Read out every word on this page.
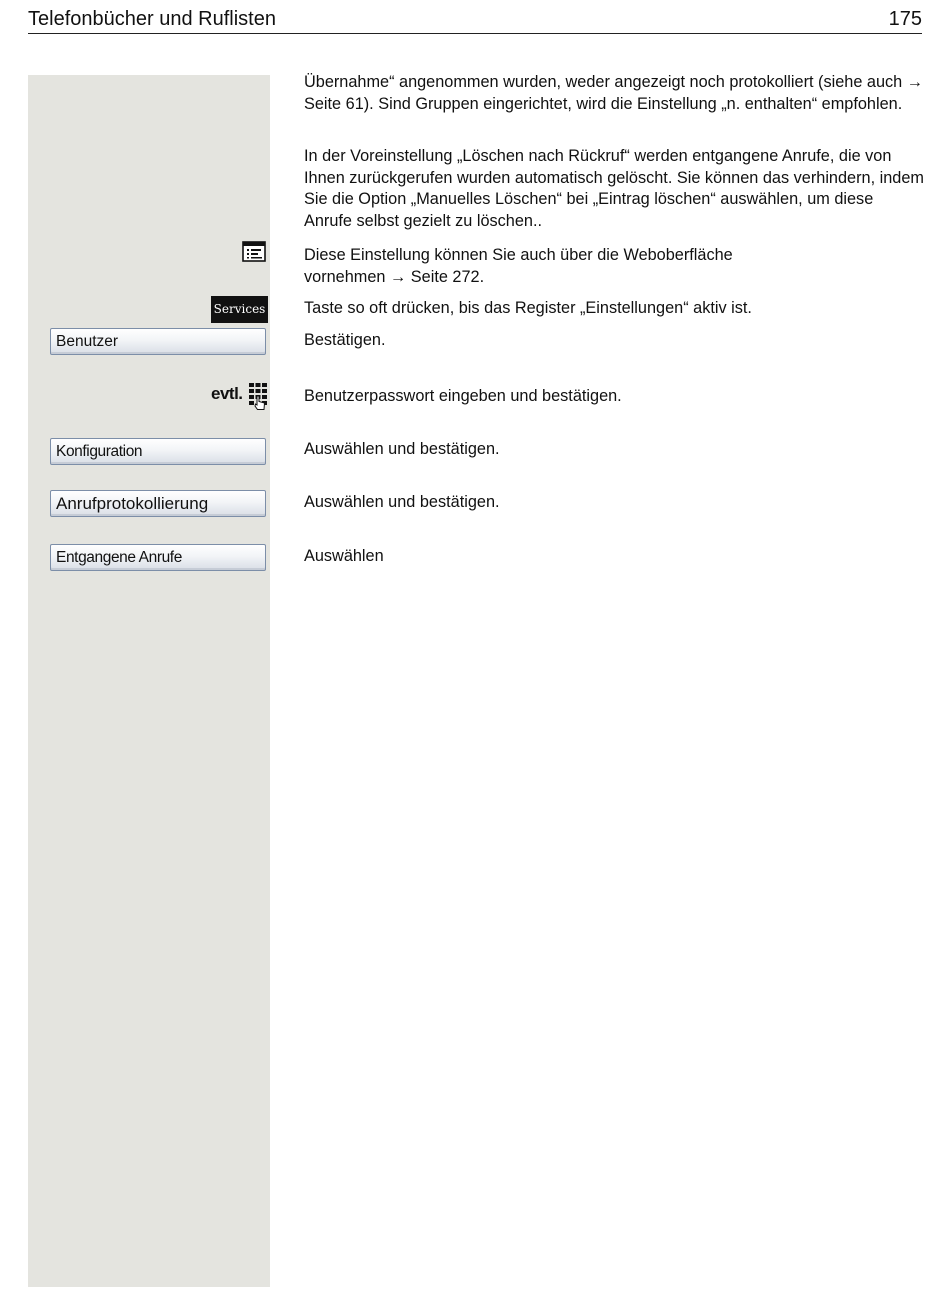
Telefonbücher und Ruflisten	175

Übernahme“ angenommen wurden, weder angezeigt noch protokolliert (siehe auch → Seite 61). Sind Gruppen eingerichtet, wird die Einstellung „n. enthalten“ empfohlen.

In der Voreinstellung „Löschen nach Rückruf“ werden entgangene Anrufe, die von Ihnen zurückgerufen wurden automatisch gelöscht. Sie können das verhindern, indem Sie die Option „Manuelles Löschen“ bei „Eintrag löschen“ auswählen, um diese Anrufe selbst gezielt zu löschen..

Diese Einstellung können Sie auch über die Weboberfläche vornehmen → Seite 272.

Services Taste so oft drücken, bis das Register „Einstellungen“ aktiv ist.

Benutzer	Bestätigen.

evtl.	Benutzerpasswort eingeben und bestätigen.

Konfiguration	Auswählen und bestätigen.

Anrufprotokollierung	Auswählen und bestätigen.

Entgangene Anrufe	Auswählen
